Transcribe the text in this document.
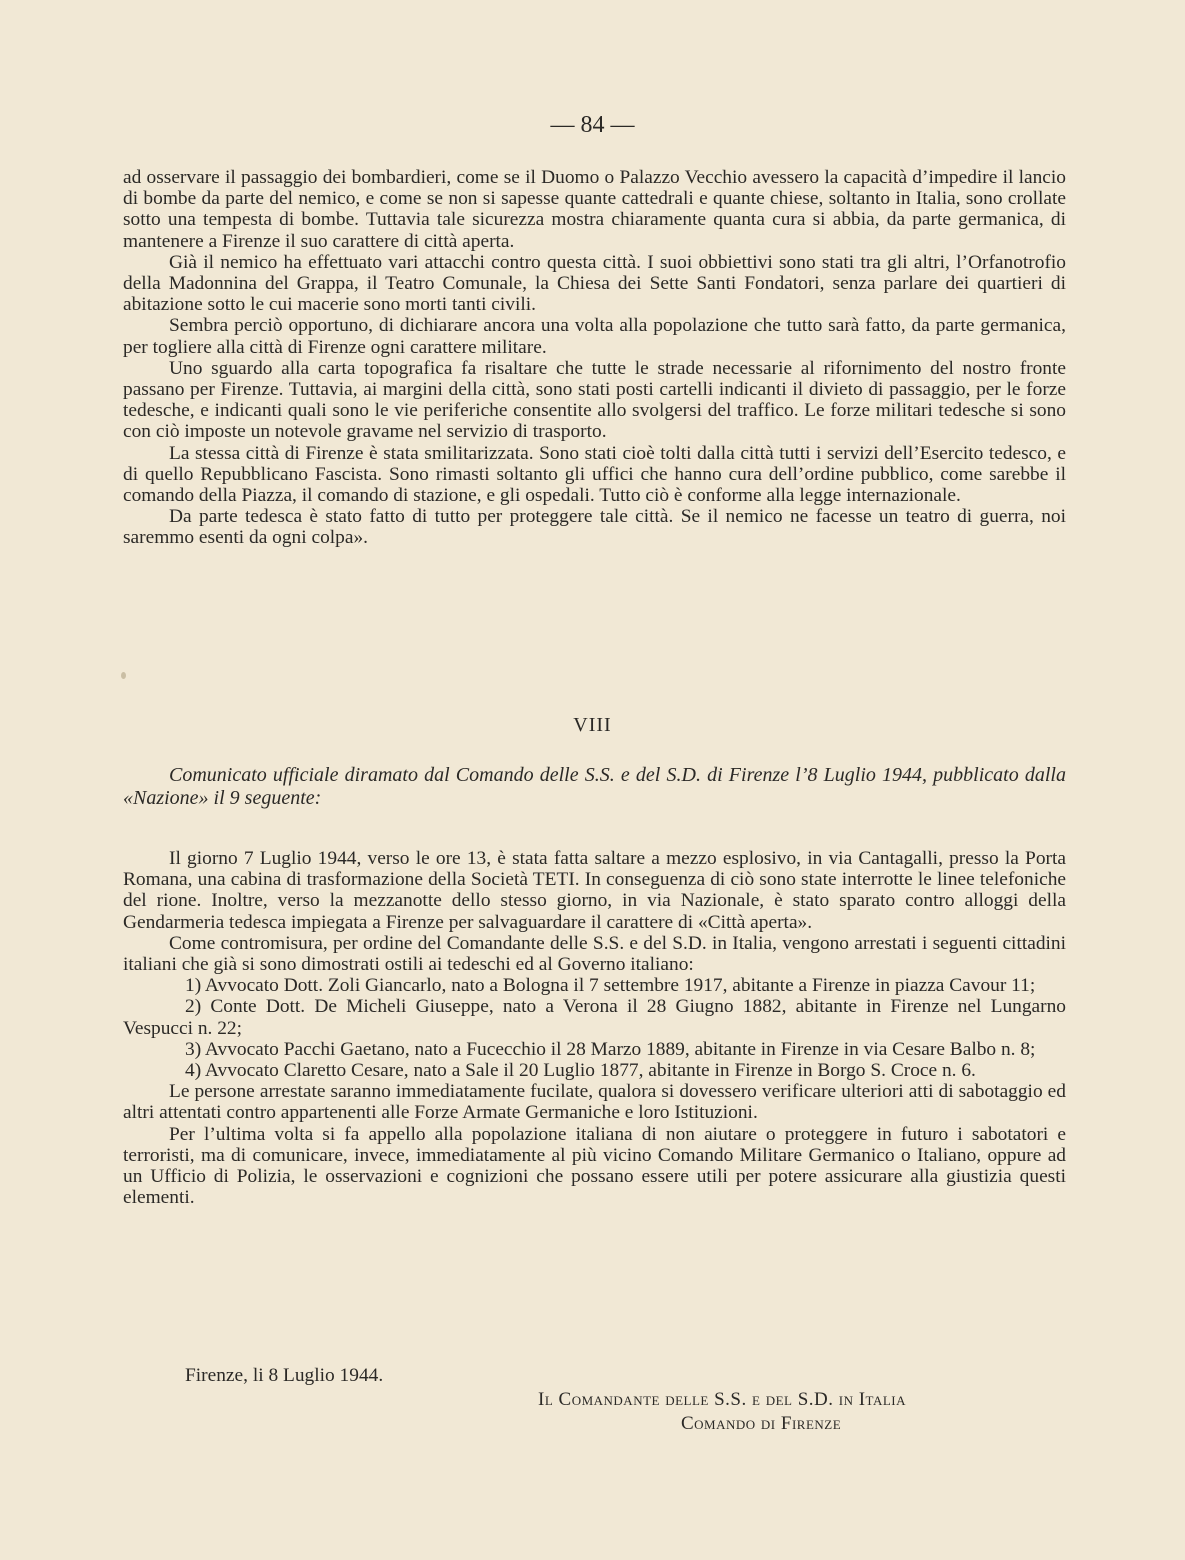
— 84 —

ad osservare il passaggio dei bombardieri, come se il Duomo o Palazzo Vecchio avessero la capacità d’impedire il lancio di bombe da parte del nemico, e come se non si sapesse quante cattedrali e quante chiese, soltanto in Italia, sono crollate sotto una tempesta di bombe. Tuttavia tale sicurezza mostra chiaramente quanta cura si abbia, da parte germanica, di mantenere a Firenze il suo carattere di città aperta.

Già il nemico ha effettuato vari attacchi contro questa città. I suoi obbiettivi sono stati tra gli altri, l’Orfanotrofio della Madonnina del Grappa, il Teatro Comunale, la Chiesa dei Sette Santi Fondatori, senza parlare dei quartieri di abitazione sotto le cui macerie sono morti tanti civili.

Sembra perciò opportuno, di dichiarare ancora una volta alla popolazione che tutto sarà fatto, da parte germanica, per togliere alla città di Firenze ogni carattere militare.

Uno sguardo alla carta topografica fa risaltare che tutte le strade necessarie al rifornimento del nostro fronte passano per Firenze. Tuttavia, ai margini della città, sono stati posti cartelli indicanti il divieto di passaggio, per le forze tedesche, e indicanti quali sono le vie periferiche consentite allo svolgersi del traffico. Le forze militari tedesche si sono con ciò imposte un notevole gravame nel servizio di trasporto.

La stessa città di Firenze è stata smilitarizzata. Sono stati cioè tolti dalla città tutti i servizi dell’Esercito tedesco, e di quello Repubblicano Fascista. Sono rimasti soltanto gli uffici che hanno cura dell’ordine pubblico, come sarebbe il comando della Piazza, il comando di stazione, e gli ospedali. Tutto ciò è conforme alla legge internazionale.

Da parte tedesca è stato fatto di tutto per proteggere tale città. Se il nemico ne facesse un teatro di guerra, noi saremmo esenti da ogni colpa».

VIII

Comunicato ufficiale diramato dal Comando delle S.S. e del S.D. di Firenze l’8 Luglio 1944, pubblicato dalla «Nazione» il 9 seguente:

Il giorno 7 Luglio 1944, verso le ore 13, è stata fatta saltare a mezzo esplosivo, in via Cantagalli, presso la Porta Romana, una cabina di trasformazione della Società TETI. In conseguenza di ciò sono state interrotte le linee telefoniche del rione. Inoltre, verso la mezzanotte dello stesso giorno, in via Nazionale, è stato sparato contro alloggi della Gendarmeria tedesca impiegata a Firenze per salvaguardare il carattere di «Città aperta».

Come contromisura, per ordine del Comandante delle S.S. e del S.D. in Italia, vengono arrestati i seguenti cittadini italiani che già si sono dimostrati ostili ai tedeschi ed al Governo italiano:

1) Avvocato Dott. Zoli Giancarlo, nato a Bologna il 7 settembre 1917, abitante a Firenze in piazza Cavour 11;

2) Conte Dott. De Micheli Giuseppe, nato a Verona il 28 Giugno 1882, abitante in Firenze nel Lungarno Vespucci n. 22;

3) Avvocato Pacchi Gaetano, nato a Fucecchio il 28 Marzo 1889, abitante in Firenze in via Cesare Balbo n. 8;

4) Avvocato Claretto Cesare, nato a Sale il 20 Luglio 1877, abitante in Firenze in Borgo S. Croce n. 6.

Le persone arrestate saranno immediatamente fucilate, qualora si dovessero verificare ulteriori atti di sabotaggio ed altri attentati contro appartenenti alle Forze Armate Germaniche e loro Istituzioni.

Per l’ultima volta si fa appello alla popolazione italiana di non aiutare o proteggere in futuro i sabotatori e terroristi, ma di comunicare, invece, immediatamente al più vicino Comando Militare Germanico o Italiano, oppure ad un Ufficio di Polizia, le osservazioni e cognizioni che possano essere utili per potere assicurare alla giustizia questi elementi.

Firenze, li 8 Luglio 1944.
Il Comandante delle S.S. e del S.D. in Italia
Comando di Firenze
